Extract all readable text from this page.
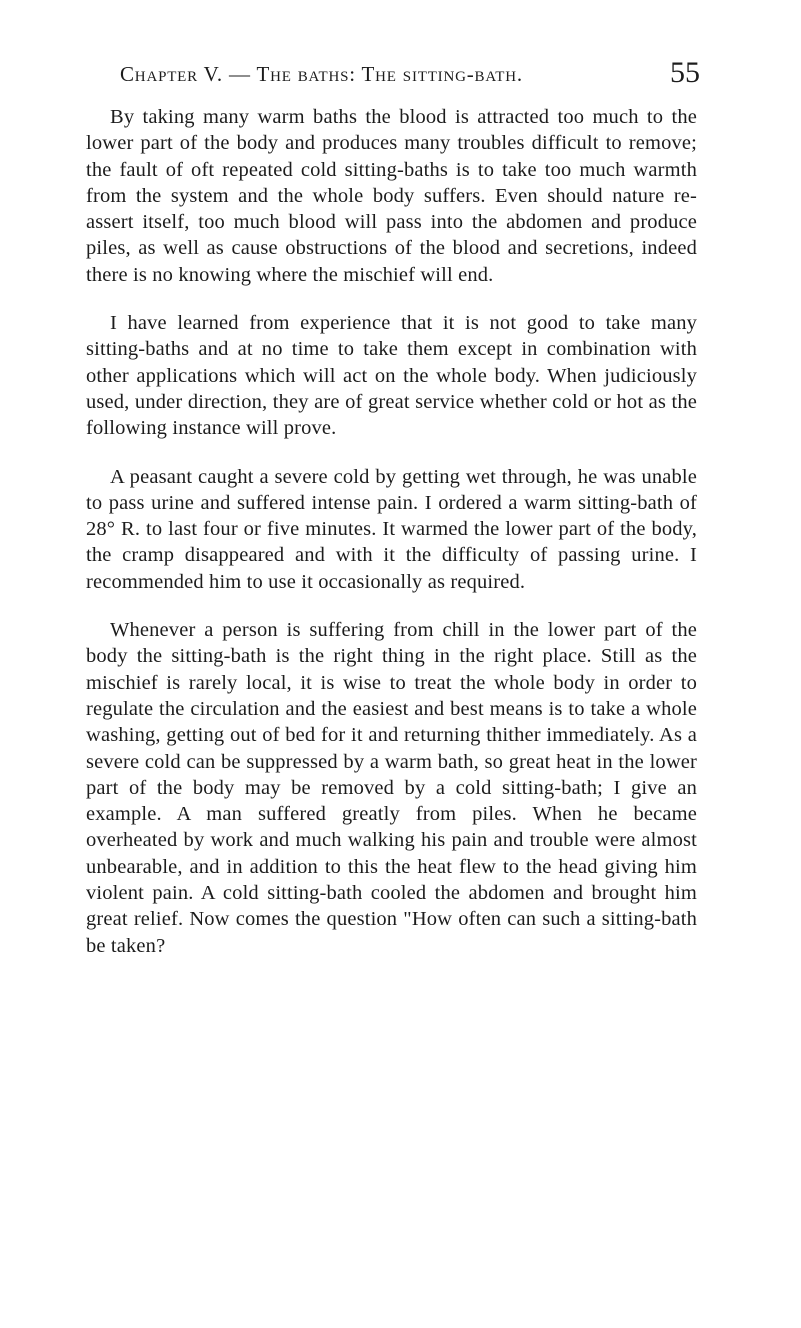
Chapter V. — The baths: The sitting-bath.	55

By taking many warm baths the blood is attracted too much to the lower part of the body and produces many troubles difficult to remove; the fault of oft repeated cold sitting-baths is to take too much warmth from the system and the whole body suffers. Even should nature re-assert itself, too much blood will pass into the abdomen and produce piles, as well as cause obstructions of the blood and secretions, indeed there is no knowing where the mischief will end.

I have learned from experience that it is not good to take many sitting-baths and at no time to take them except in combination with other applications which will act on the whole body. When judiciously used, under direction, they are of great service whether cold or hot as the following instance will prove.

A peasant caught a severe cold by getting wet through, he was unable to pass urine and suffered intense pain. I ordered a warm sitting-bath of 28° R. to last four or five minutes. It warmed the lower part of the body, the cramp disappeared and with it the difficulty of passing urine. I recommended him to use it occasionally as required.

Whenever a person is suffering from chill in the lower part of the body the sitting-bath is the right thing in the right place. Still as the mischief is rarely local, it is wise to treat the whole body in order to regulate the circulation and the easiest and best means is to take a whole washing, getting out of bed for it and returning thither immediately. As a severe cold can be suppressed by a warm bath, so great heat in the lower part of the body may be removed by a cold sitting-bath; I give an example. A man suffered greatly from piles. When he became overheated by work and much walking his pain and trouble were almost unbearable, and in addition to this the heat flew to the head giving him violent pain. A cold sitting-bath cooled the abdomen and brought him great relief. Now comes the question "How often can such a sitting-bath be taken?
